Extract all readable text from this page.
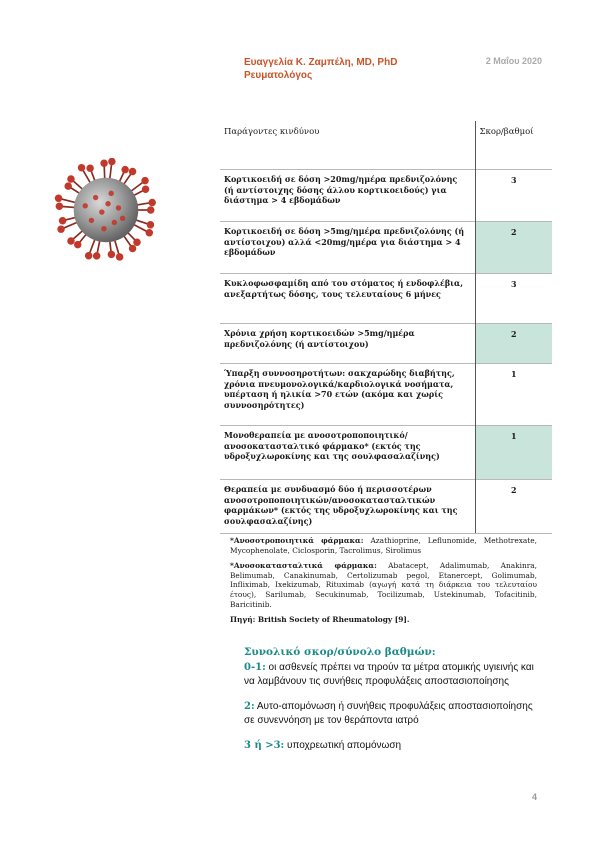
Ευαγγελία Κ. Ζαμπέλη, MD, PhD
Ρευματολόγος
2 Μαΐου 2020
Παράγοντες κινδύνου	Σκορ/βαθμοί

Κορτικοειδή σε δόση >20mg/ημέρα πρεδνιζολόνης (ή αντίστοιχης δόσης άλλου κορτικοειδούς) για διάστημα > 4 εβδομάδων	3
Κορτικοειδή σε δόση >5mg/ημέρα πρεδνιζολόνης (ή αντίστοιχου) αλλά <20mg/ημέρα για διάστημα > 4 εβδομάδων	2
Κυκλοφωσφαμίδη από του στόματος ή ενδοφλέβια, ανεξαρτήτως δόσης, τους τελευταίους 6 μήνες	3
Χρόνια χρήση κορτικοειδών >5mg/ημέρα πρεδνιζολόνης (ή αντίστοιχου)	2
Ύπαρξη συννοσηροτήτων: σακχαρώδης διαβήτης, χρόνια πνευμονολογικά/καρδιολογικά νοσήματα, υπέρταση ή ηλικία >70 ετών (ακόμα και χωρίς συννοσηρότητες)	1
Μονοθεραπεία με ανοσοτροποποιητικό/ανοσοκατασταλτικό φάρμακο* (εκτός της υδροξυχλωροκίνης και της σουλφασαλαζίνης)	1
Θεραπεία με συνδυασμό δύο ή περισσοτέρων ανοσοτροποποιητικών/ανοσοκατασταλτικών φαρμάκων* (εκτός της υδροξυχλωροκίνης και της σουλφασαλαζίνης)	2

*Ανοσοτροποιητικά φάρμακα: Azathioprine, Leflunomide, Methotrexate, Mycophenolate, Ciclosporin, Tacrolimus, Sirolimus

*Ανοσοκατασταλτικά φάρμακα: Abatacept, Adalimumab, Anakinra, Belimumab, Canakinumab, Certolizumab pegol, Etanercept, Golimumab, Infliximab, Ixekizumab, Rituximab (αγωγή κατά τη διάρκεια του τελευταίου έτους), Sarilumab, Secukinumab, Tocilizumab, Ustekinumab, Tofacitinib, Baricitinib.

Πηγή: British Society of Rheumatology [9].

Συνολικό σκορ/σύνολο βαθμών:
0-1: οι ασθενείς πρέπει να τηρούν τα μέτρα ατομικής υγιεινής και να λαμβάνουν τις συνήθεις προφυλάξεις αποστασιοποίησης
2: Αυτο-απομόνωση ή συνήθεις προφυλάξεις αποστασιοποίησης σε συνεννόηση με τον θεράποντα ιατρό
3 ή >3: υποχρεωτική απομόνωση
4
